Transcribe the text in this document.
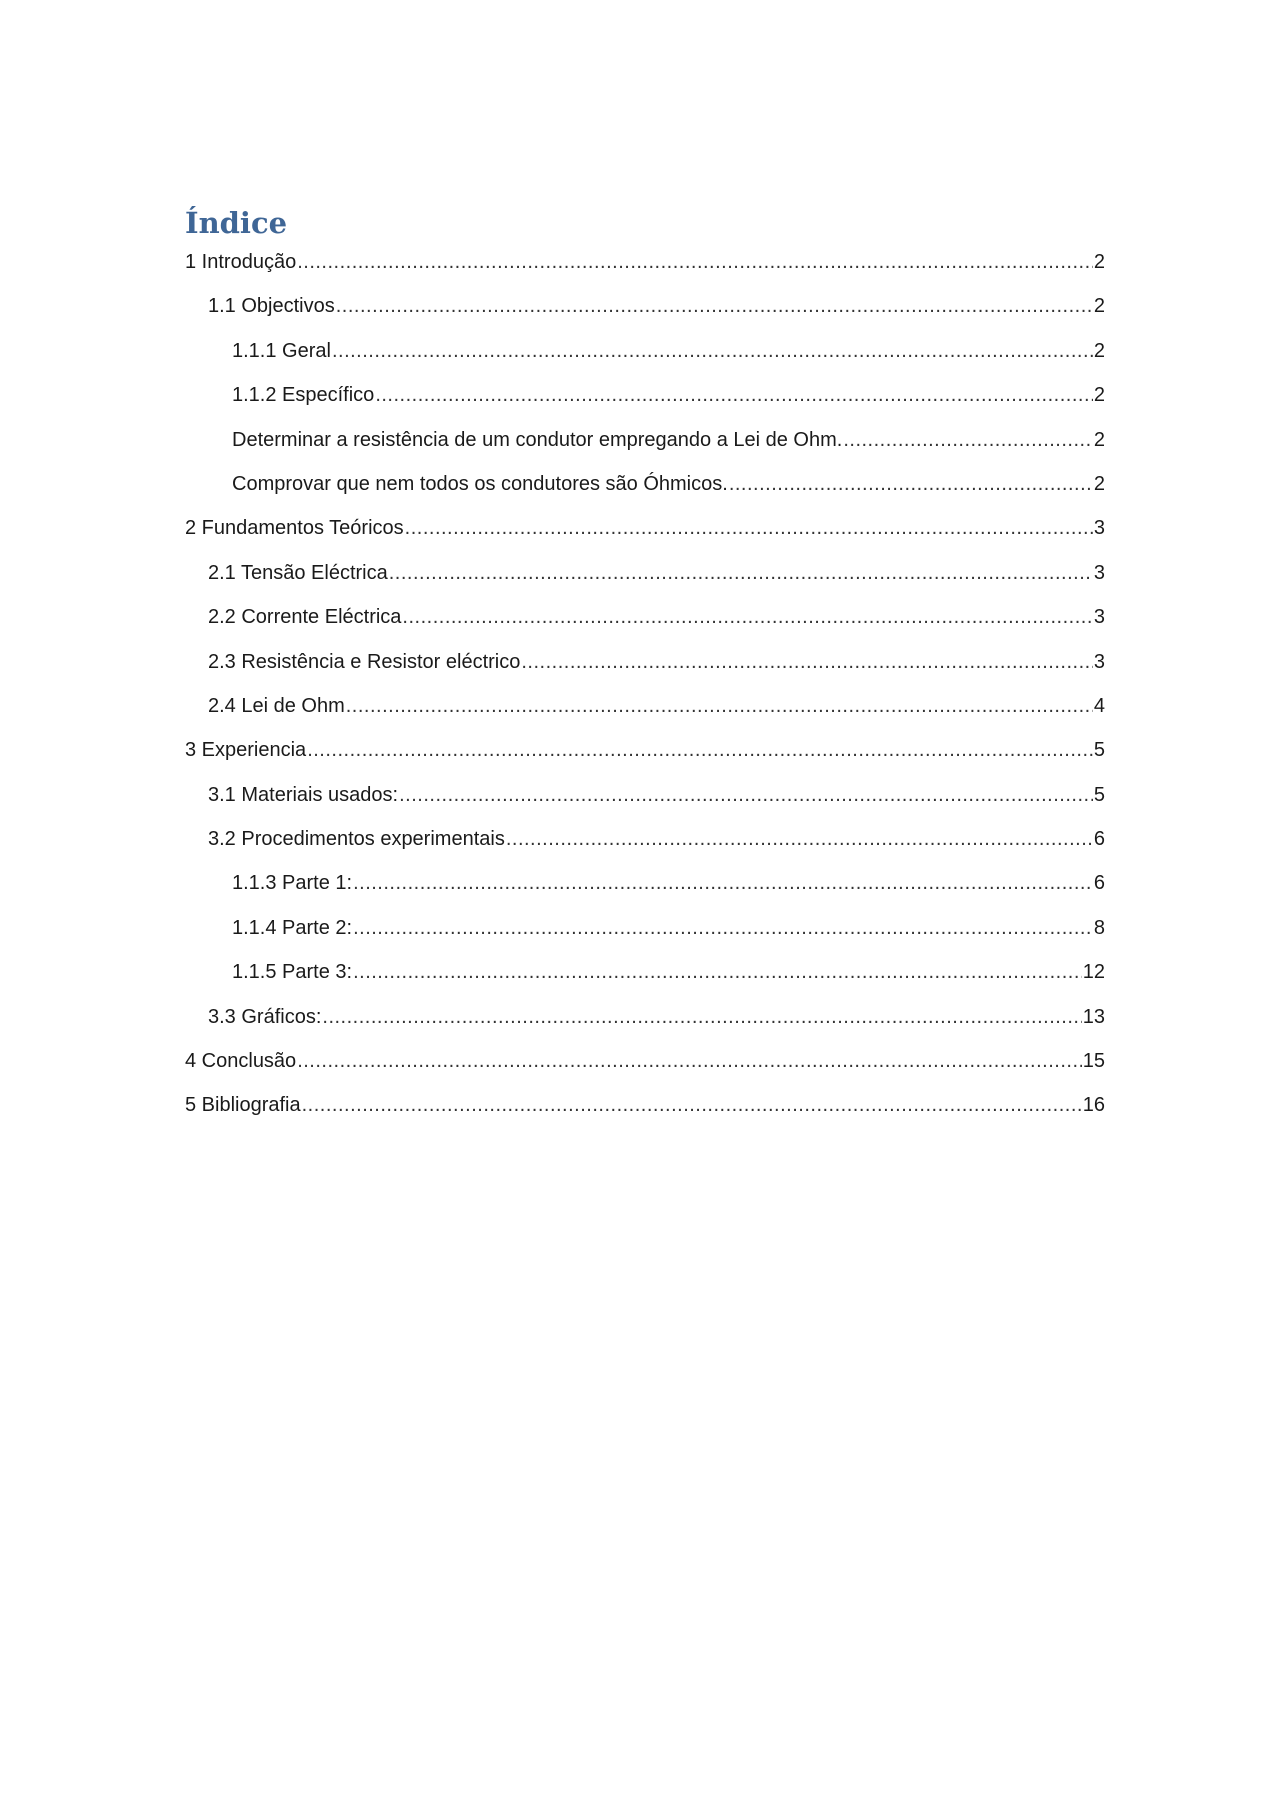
Índice
1 Introdução .....	2
1.1 Objectivos .....	2
1.1.1 Geral .....	2
1.1.2 Específico .....	2
Determinar a resistência de um condutor empregando a Lei de Ohm. .....	2
Comprovar que nem todos os condutores são Óhmicos. .....	2
2 Fundamentos Teóricos .....	3
2.1 Tensão Eléctrica .....	3
2.2 Corrente Eléctrica .....	3
2.3 Resistência e Resistor eléctrico .....	3
2.4 Lei de Ohm .....	4
3 Experiencia .....	5
3.1 Materiais usados: .....	5
3.2 Procedimentos experimentais .....	6
1.1.3 Parte 1: .....	6
1.1.4 Parte 2: .....	8
1.1.5 Parte 3: .....	12
3.3 Gráficos: .....	13
4 Conclusão .....	15
5 Bibliografia .....	16
